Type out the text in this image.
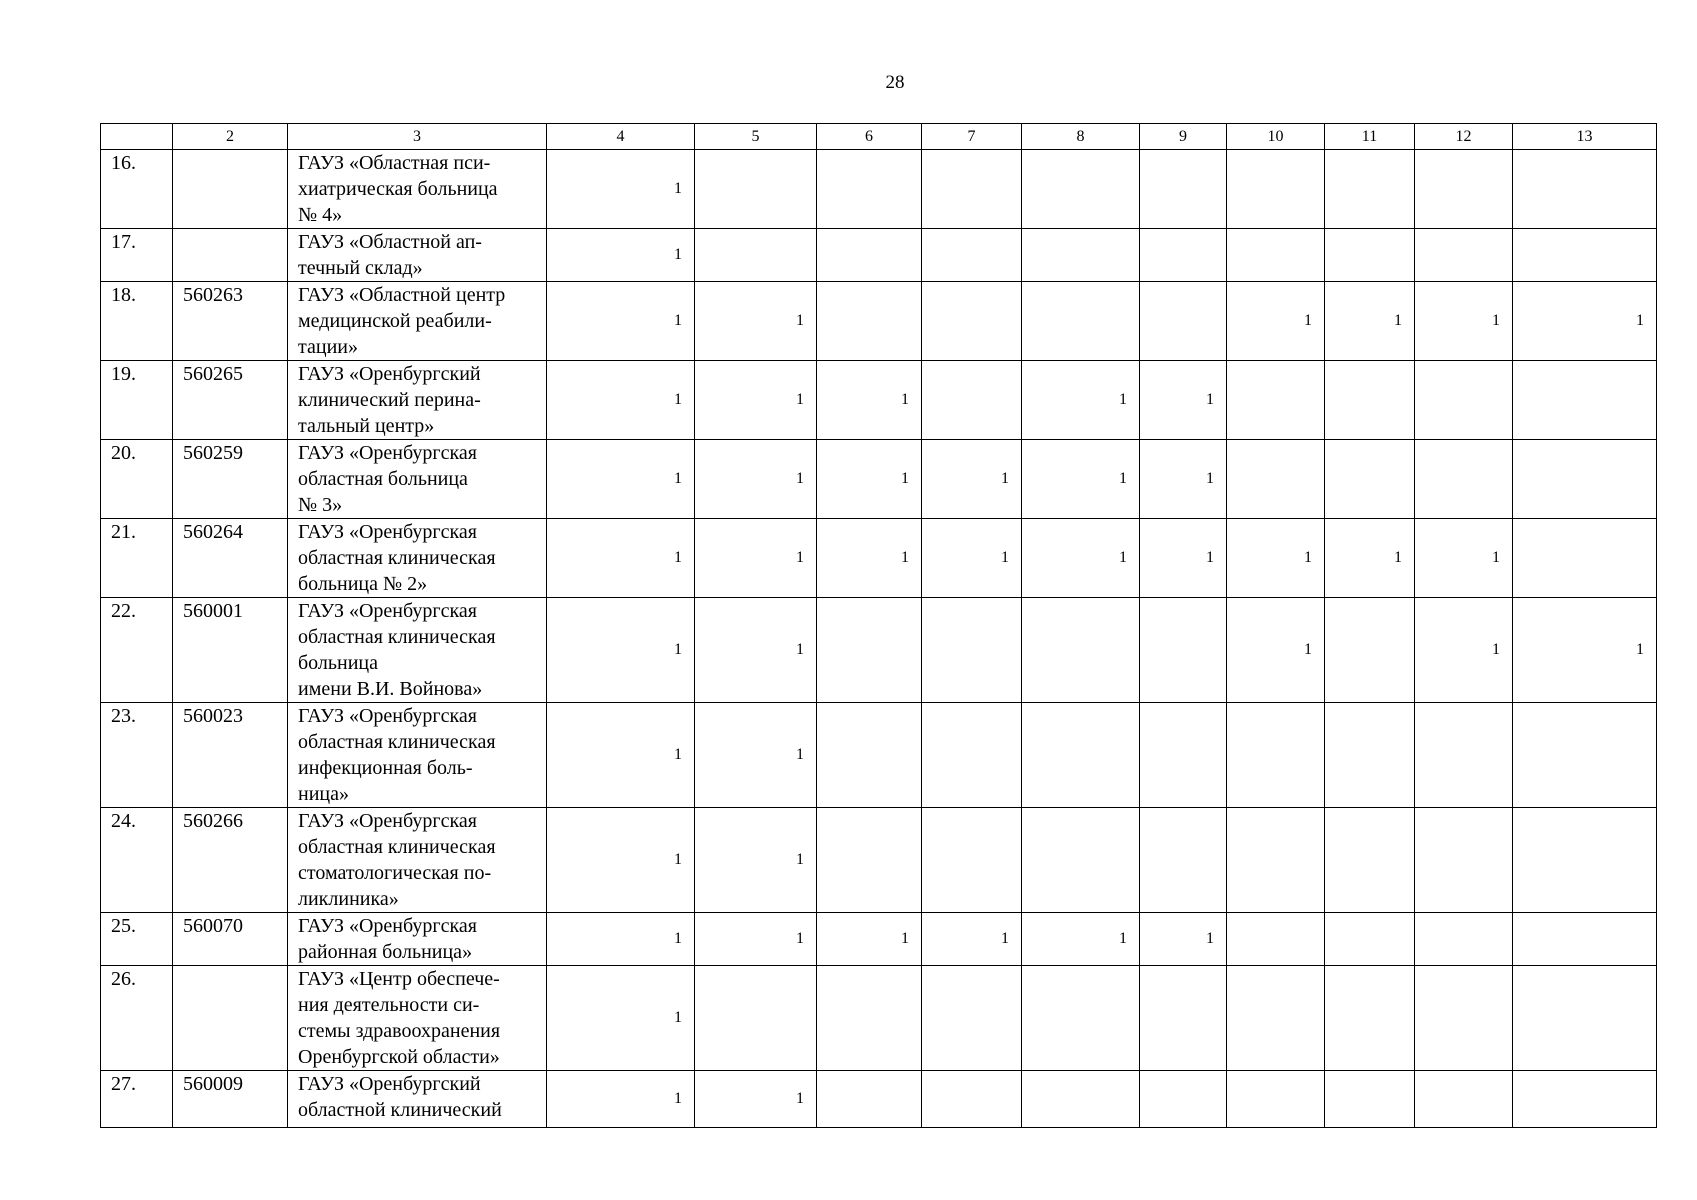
28
	2	3	4	5	6	7	8	9	10	11	12	13
16.		ГАУЗ «Областная пси-
хиатрическая больница
№ 4»	1									
17.		ГАУЗ «Областной ап-
течный склад»	1									
18.	560263	ГАУЗ «Областной центр
медицинской реабили-
тации»	1	1					1	1	1	1
19.	560265	ГАУЗ «Оренбургский
клинический перина-
тальный центр»	1	1	1		1	1				
20.	560259	ГАУЗ «Оренбургская
областная больница
№ 3»	1	1	1	1	1	1				
21.	560264	ГАУЗ «Оренбургская
областная клиническая
больница № 2»	1	1	1	1	1	1	1	1	1	
22.	560001	ГАУЗ «Оренбургская
областная клиническая
больница
имени В.И. Войнова»	1	1					1		1	1
23.	560023	ГАУЗ «Оренбургская
областная клиническая
инфекционная боль-
ница»	1	1								
24.	560266	ГАУЗ «Оренбургская
областная клиническая
стоматологическая по-
ликлиника»	1	1								
25.	560070	ГАУЗ «Оренбургская
районная больница»	1	1	1	1	1	1				
26.		ГАУЗ «Центр обеспече-
ния деятельности си-
стемы здравоохранения
Оренбургской области»	1									
27.	560009	ГАУЗ «Оренбургский
областной клинический	1	1								
